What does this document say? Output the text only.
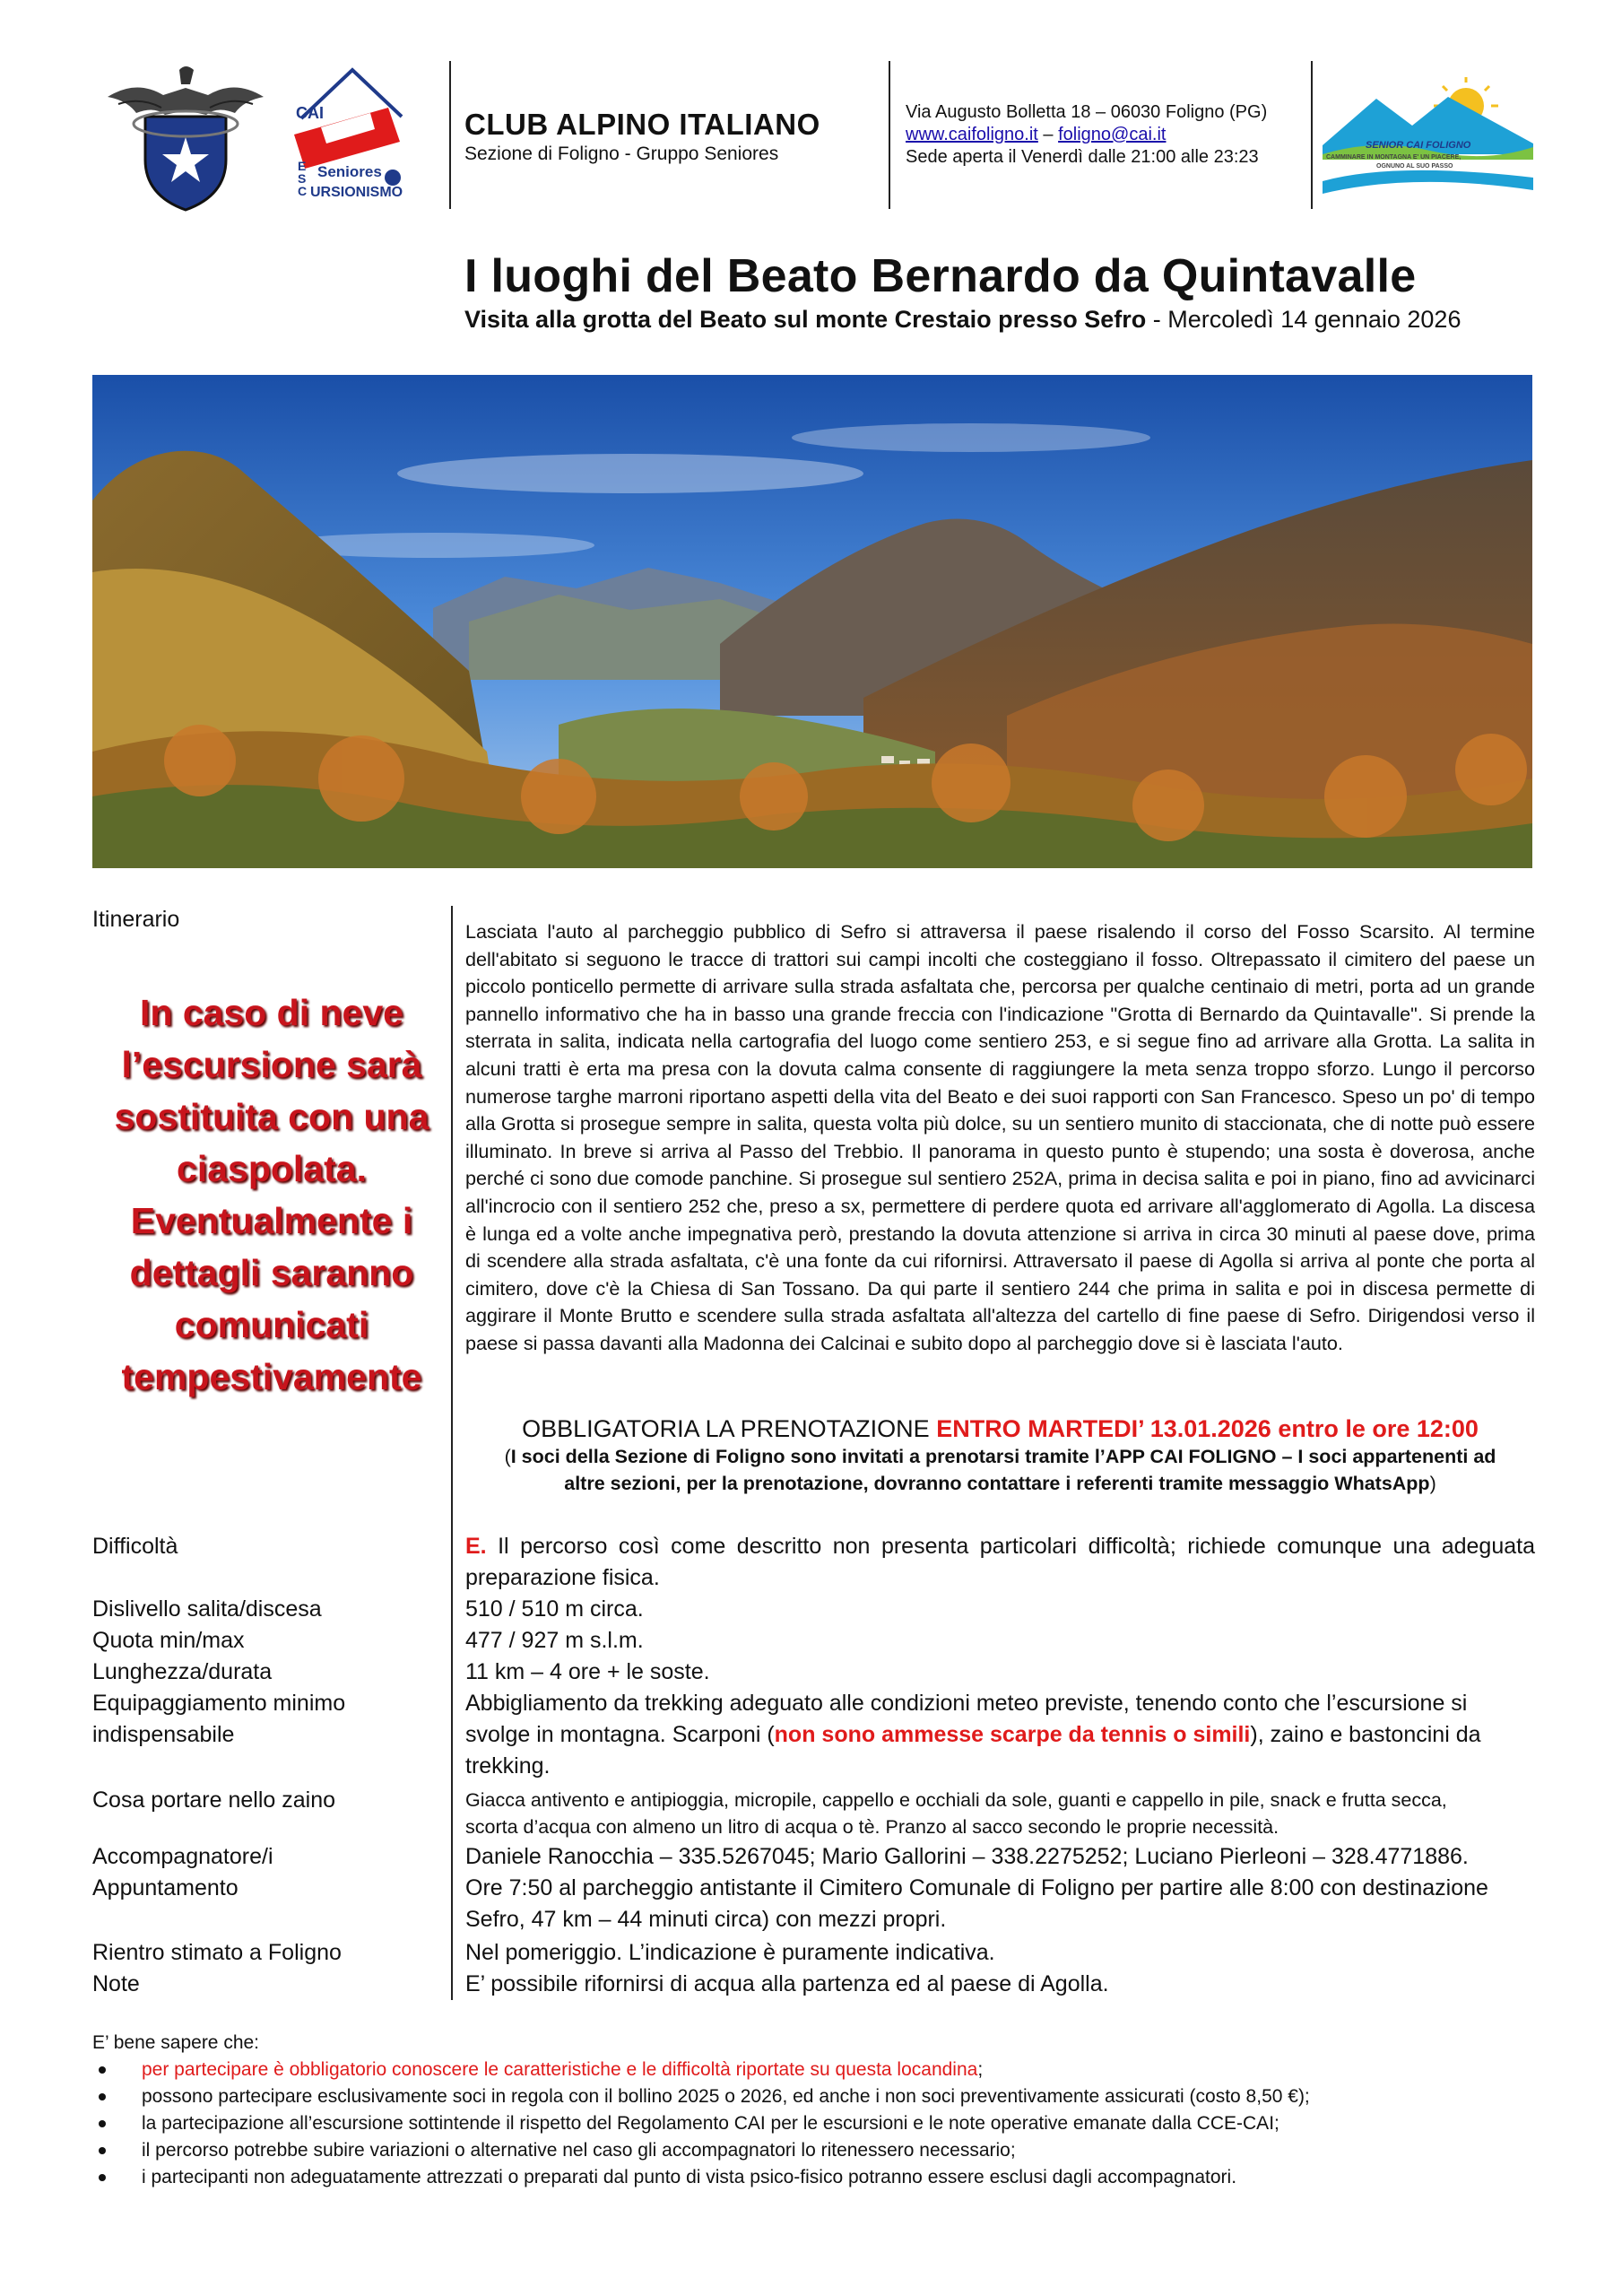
CAI
Seniores
ESC URSIONISMO
CLUB ALPINO ITALIANO
Sezione di Foligno - Gruppo Seniores
Via Augusto Bolletta 18 – 06030 Foligno (PG)
www.caifoligno.it – foligno@cai.it
Sede aperta il Venerdì dalle 21:00 alle 23:23
SENIOR CAI FOLIGNO
CAMMINARE IN MONTAGNA E' UN PIACERE,
OGNUNO AL SUO PASSO
I luoghi del Beato Bernardo da Quintavalle
Visita alla grotta del Beato sul monte Crestaio presso Sefro - Mercoledì 14 gennaio 2026
Itinerario
In caso di neve l’escursione sarà sostituita con una ciaspolata. Eventualmente i dettagli saranno comunicati tempestivamente
Lasciata l'auto al parcheggio pubblico di Sefro si attraversa il paese risalendo il corso del Fosso Scarsito. Al termine dell'abitato si seguono le tracce di trattori sui campi incolti che costeggiano il fosso. Oltrepassato il cimitero del paese un piccolo ponticello permette di arrivare sulla strada asfaltata che, percorsa per qualche centinaio di metri, porta ad un grande pannello informativo che ha in basso una grande freccia con l'indicazione "Grotta di Bernardo da Quintavalle". Si prende la sterrata in salita, indicata nella cartografia del luogo come sentiero 253, e si segue fino ad arrivare alla Grotta. La salita in alcuni tratti è erta ma presa con la dovuta calma consente di raggiungere la meta senza troppo sforzo. Lungo il percorso numerose targhe marroni riportano aspetti della vita del Beato e dei suoi rapporti con San Francesco. Speso un po' di tempo alla Grotta si prosegue sempre in salita, questa volta più dolce, su un sentiero munito di staccionata, che di notte può essere illuminato. In breve si arriva al Passo del Trebbio. Il panorama in questo punto è stupendo; una sosta è doverosa, anche perché ci sono due comode panchine. Si prosegue sul sentiero 252A, prima in decisa salita e poi in piano, fino ad avvicinarci all'incrocio con il sentiero 252 che, preso a sx, permettere di perdere quota ed arrivare all'agglomerato di Agolla. La discesa è lunga ed a volte anche impegnativa però, prestando la dovuta attenzione si arriva in circa 30 minuti al paese dove, prima di scendere alla strada asfaltata, c'è una fonte da cui rifornirsi. Attraversato il paese di Agolla si arriva al ponte che porta al cimitero, dove c'è la Chiesa di San Tossano. Da qui parte il sentiero 244 che prima in salita e poi in discesa permette di aggirare il Monte Brutto e scendere sulla strada asfaltata all'altezza del cartello di fine paese di Sefro. Dirigendosi verso il paese si passa davanti alla Madonna dei Calcinai e subito dopo al parcheggio dove si è lasciata l'auto.
OBBLIGATORIA LA PRENOTAZIONE ENTRO MARTEDI’ 13.01.2026 entro le ore 12:00
(I soci della Sezione di Foligno sono invitati a prenotarsi tramite l’APP CAI FOLIGNO – I soci appartenenti ad altre sezioni, per la prenotazione, dovranno contattare i referenti tramite messaggio WhatsApp)
Difficoltà
Dislivello salita/discesa
Quota min/max
Lunghezza/durata
Equipaggiamento minimo
indispensabile
Cosa portare nello zaino
Accompagnatore/i
Appuntamento
Rientro stimato a Foligno
Note
E. Il percorso così come descritto non presenta particolari difficoltà; richiede comunque una adeguata preparazione fisica.
510 / 510 m circa.
477 / 927 m s.l.m.
11 km – 4 ore + le soste.
Abbigliamento da trekking adeguato alle condizioni meteo previste, tenendo conto che l’escursione si svolge in montagna. Scarponi (non sono ammesse scarpe da tennis o simili), zaino e bastoncini da trekking.
Giacca antivento e antipioggia, micropile, cappello e occhiali da sole, guanti e cappello in pile, snack e frutta secca, scorta d’acqua con almeno un litro di acqua o tè. Pranzo al sacco secondo le proprie necessità.
Daniele Ranocchia – 335.5267045; Mario Gallorini – 338.2275252; Luciano Pierleoni – 328.4771886.
Ore 7:50 al parcheggio antistante il Cimitero Comunale di Foligno per partire alle 8:00 con destinazione Sefro, 47 km – 44 minuti circa) con mezzi propri.
Nel pomeriggio. L’indicazione è puramente indicativa.
E’ possibile rifornirsi di acqua alla partenza ed al paese di Agolla.
E’ bene sapere che:
per partecipare è obbligatorio conoscere le caratteristiche e le difficoltà riportate su questa locandina;
possono partecipare esclusivamente soci in regola con il bollino 2025 o 2026, ed anche i non soci preventivamente assicurati (costo 8,50 €);
la partecipazione all’escursione sottintende il rispetto del Regolamento CAI per le escursioni e le note operative emanate dalla CCE-CAI;
il percorso potrebbe subire variazioni o alternative nel caso gli accompagnatori lo ritenessero necessario;
i partecipanti non adeguatamente attrezzati o preparati dal punto di vista psico-fisico potranno essere esclusi dagli accompagnatori.
